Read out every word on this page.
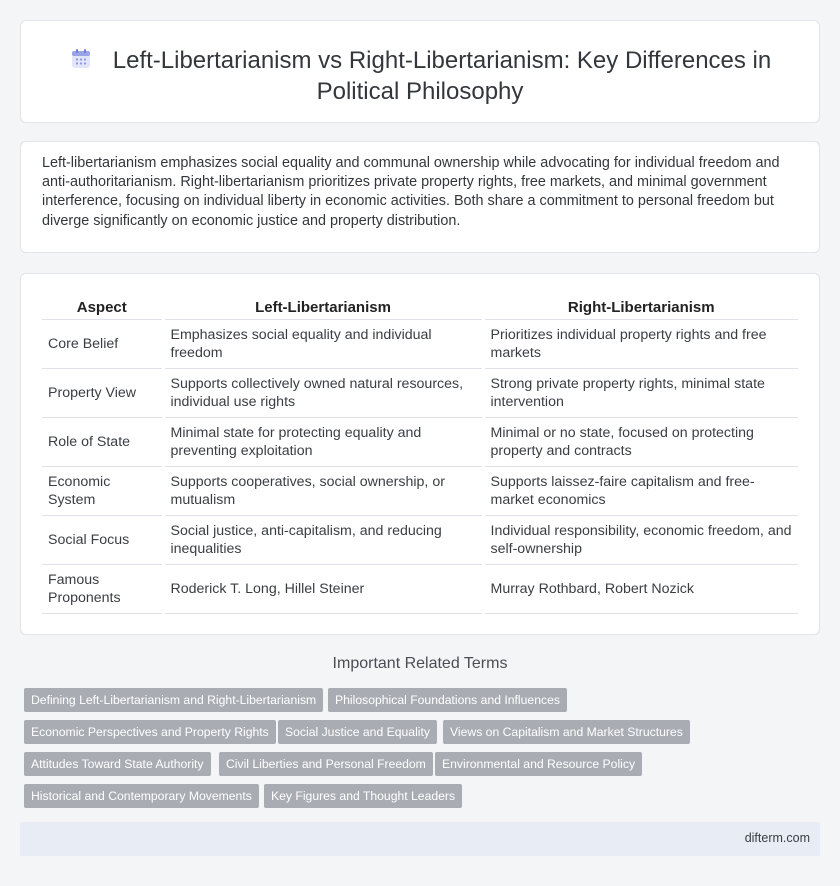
Left-Libertarianism vs Right-Libertarianism: Key Differences in Political Philosophy

Left-libertarianism emphasizes social equality and communal ownership while advocating for individual freedom and anti-authoritarianism. Right-libertarianism prioritizes private property rights, free markets, and minimal government interference, focusing on individual liberty in economic activities. Both share a commitment to personal freedom but diverge significantly on economic justice and property distribution.

Aspect	Left-Libertarianism	Right-Libertarianism
Core Belief	Emphasizes social equality and individual freedom	Prioritizes individual property rights and free markets
Property View	Supports collectively owned natural resources, individual use rights	Strong private property rights, minimal state intervention
Role of State	Minimal state for protecting equality and preventing exploitation	Minimal or no state, focused on protecting property and contracts
Economic System	Supports cooperatives, social ownership, or mutualism	Supports laissez-faire capitalism and free-market economics
Social Focus	Social justice, anti-capitalism, and reducing inequalities	Individual responsibility, economic freedom, and self-ownership
Famous Proponents	Roderick T. Long, Hillel Steiner	Murray Rothbard, Robert Nozick
Important Related Terms
Defining Left-Libertarianism and Right-Libertarianism	Philosophical Foundations and Influences
Economic Perspectives and Property Rights	Social Justice and Equality	Views on Capitalism and Market Structures
Attitudes Toward State Authority	Civil Liberties and Personal Freedom	Environmental and Resource Policy
Historical and Contemporary Movements	Key Figures and Thought Leaders
difterm.com
